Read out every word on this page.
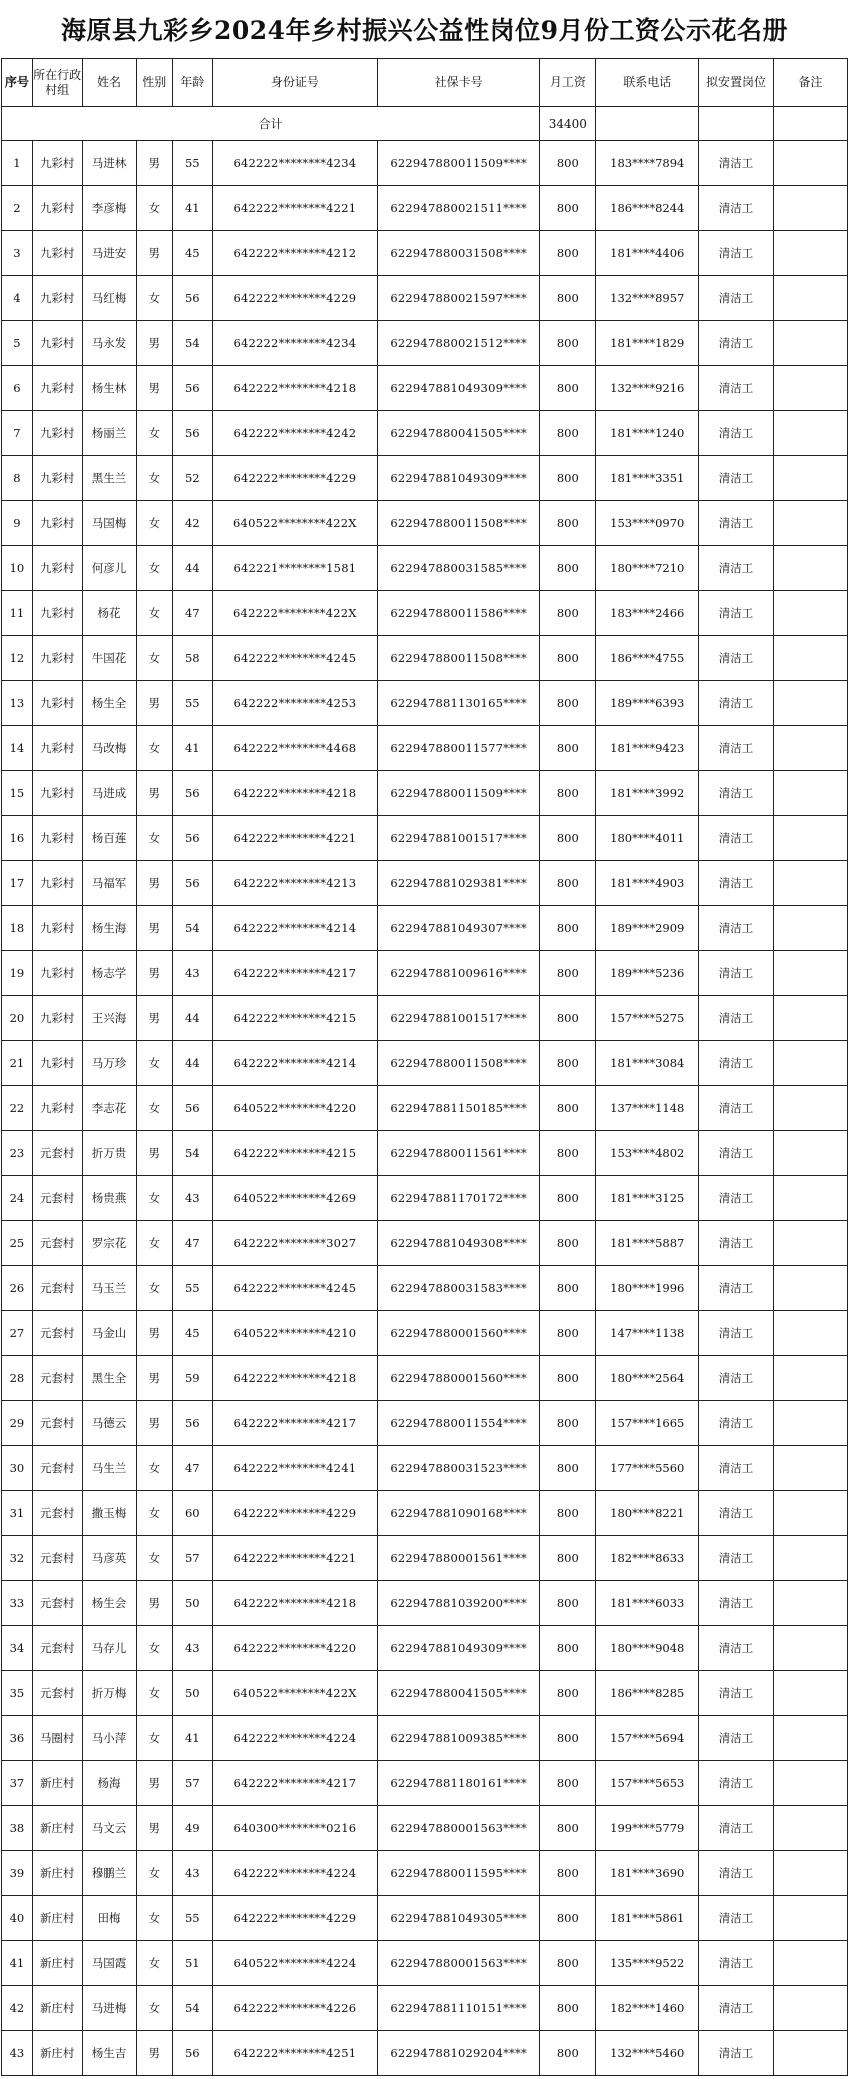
海原县九彩乡2024年乡村振兴公益性岗位9月份工资公示花名册
序号	所在行政村组	姓名	性别	年龄	身份证号	社保卡号	月工资	联系电话	拟安置岗位	备注
合计							34400			
1	九彩村	马进林	男	55	642222********4234	622947880011509****	800	183****7894	清洁工	
2	九彩村	李彦梅	女	41	642222********4221	622947880021511****	800	186****8244	清洁工	
3	九彩村	马进安	男	45	642222********4212	622947880031508****	800	181****4406	清洁工	
4	九彩村	马红梅	女	56	642222********4229	622947880021597****	800	132****8957	清洁工	
5	九彩村	马永发	男	54	642222********4234	622947880021512****	800	181****1829	清洁工	
6	九彩村	杨生林	男	56	642222********4218	622947881049309****	800	132****9216	清洁工	
7	九彩村	杨丽兰	女	56	642222********4242	622947880041505****	800	181****1240	清洁工	
8	九彩村	黑生兰	女	52	642222********4229	622947881049309****	800	181****3351	清洁工	
9	九彩村	马国梅	女	42	640522********422X	622947880011508****	800	153****0970	清洁工	
10	九彩村	何彦儿	女	44	642221********1581	622947880031585****	800	180****7210	清洁工	
11	九彩村	杨花	女	47	642222********422X	622947880011586****	800	183****2466	清洁工	
12	九彩村	牛国花	女	58	642222********4245	622947880011508****	800	186****4755	清洁工	
13	九彩村	杨生全	男	55	642222********4253	622947881130165****	800	189****6393	清洁工	
14	九彩村	马改梅	女	41	642222********4468	622947880011577****	800	181****9423	清洁工	
15	九彩村	马进成	男	56	642222********4218	622947880011509****	800	181****3992	清洁工	
16	九彩村	杨百莲	女	56	642222********4221	622947881001517****	800	180****4011	清洁工	
17	九彩村	马福军	男	56	642222********4213	622947881029381****	800	181****4903	清洁工	
18	九彩村	杨生海	男	54	642222********4214	622947881049307****	800	189****2909	清洁工	
19	九彩村	杨志学	男	43	642222********4217	622947881009616****	800	189****5236	清洁工	
20	九彩村	王兴海	男	44	642222********4215	622947881001517****	800	157****5275	清洁工	
21	九彩村	马万珍	女	44	642222********4214	622947880011508****	800	181****3084	清洁工	
22	九彩村	李志花	女	56	640522********4220	622947881150185****	800	137****1148	清洁工	
23	元套村	折万贵	男	54	642222********4215	622947880011561****	800	153****4802	清洁工	
24	元套村	杨贵燕	女	43	640522********4269	622947881170172****	800	181****3125	清洁工	
25	元套村	罗宗花	女	47	642222********3027	622947881049308****	800	181****5887	清洁工	
26	元套村	马玉兰	女	55	642222********4245	622947880031583****	800	180****1996	清洁工	
27	元套村	马金山	男	45	640522********4210	622947880001560****	800	147****1138	清洁工	
28	元套村	黑生全	男	59	642222********4218	622947880001560****	800	180****2564	清洁工	
29	元套村	马德云	男	56	642222********4217	622947880011554****	800	157****1665	清洁工	
30	元套村	马生兰	女	47	642222********4241	622947880031523****	800	177****5560	清洁工	
31	元套村	撒玉梅	女	60	642222********4229	622947881090168****	800	180****8221	清洁工	
32	元套村	马彦英	女	57	642222********4221	622947880001561****	800	182****8633	清洁工	
33	元套村	杨生会	男	50	642222********4218	622947881039200****	800	181****6033	清洁工	
34	元套村	马存儿	女	43	642222********4220	622947881049309****	800	180****9048	清洁工	
35	元套村	折万梅	女	50	640522********422X	622947880041505****	800	186****8285	清洁工	
36	马圈村	马小萍	女	41	642222********4224	622947881009385****	800	157****5694	清洁工	
37	新庄村	杨海	男	57	642222********4217	622947881180161****	800	157****5653	清洁工	
38	新庄村	马文云	男	49	640300********0216	622947880001563****	800	199****5779	清洁工	
39	新庄村	穆鹏兰	女	43	642222********4224	622947880011595****	800	181****3690	清洁工	
40	新庄村	田梅	女	55	642222********4229	622947881049305****	800	181****5861	清洁工	
41	新庄村	马国霞	女	51	640522********4224	622947880001563****	800	135****9522	清洁工	
42	新庄村	马进梅	女	54	642222********4226	622947881110151****	800	182****1460	清洁工	
43	新庄村	杨生吉	男	56	642222********4251	622947881029204****	800	132****5460	清洁工	
